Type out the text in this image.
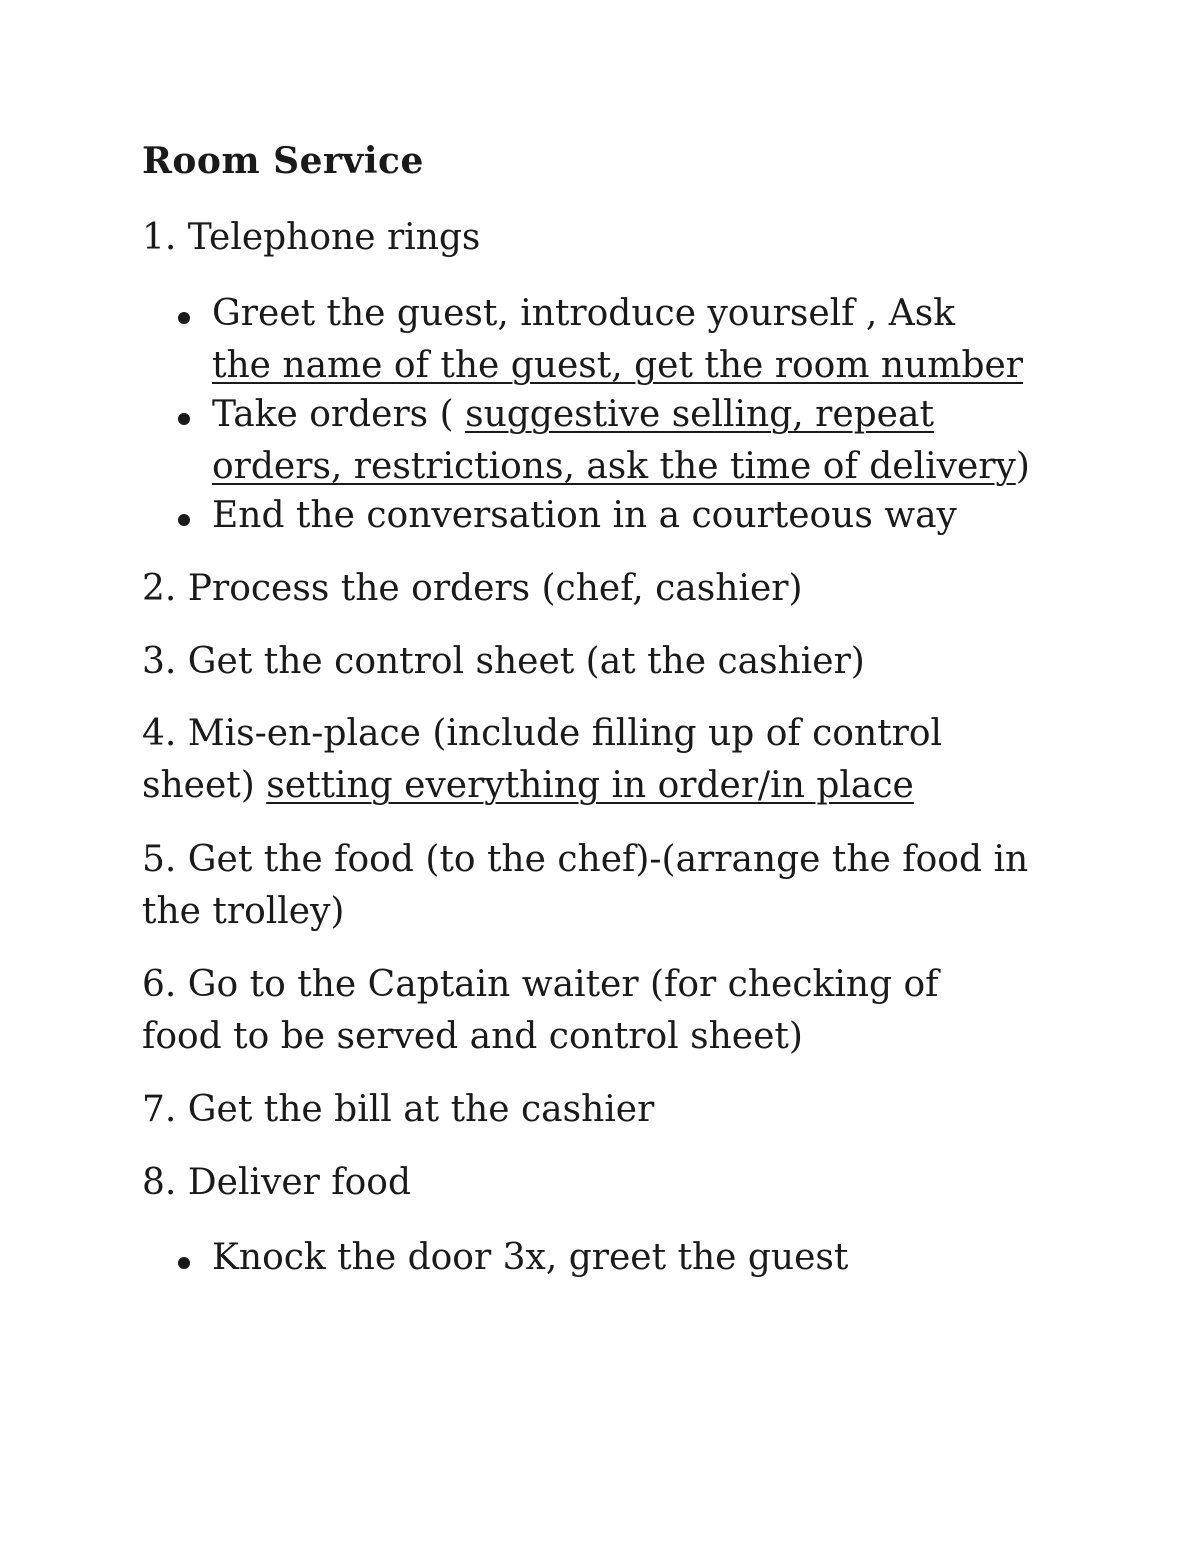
Room Service
1. Telephone rings
Greet the guest, introduce yourself , Ask
the name of the guest, get the room number
Take orders ( suggestive selling, repeat
orders, restrictions, ask the time of delivery)
End the conversation in a courteous way
2. Process the orders (chef, cashier)
3. Get the control sheet (at the cashier)
4. Mis-en-place (include filling up of control
sheet) setting everything in order/in place
5. Get the food (to the chef)-(arrange the food in
the trolley)
6. Go to the Captain waiter (for checking of
food to be served and control sheet)
7. Get the bill at the cashier
8. Deliver food
Knock the door 3x, greet the guest
